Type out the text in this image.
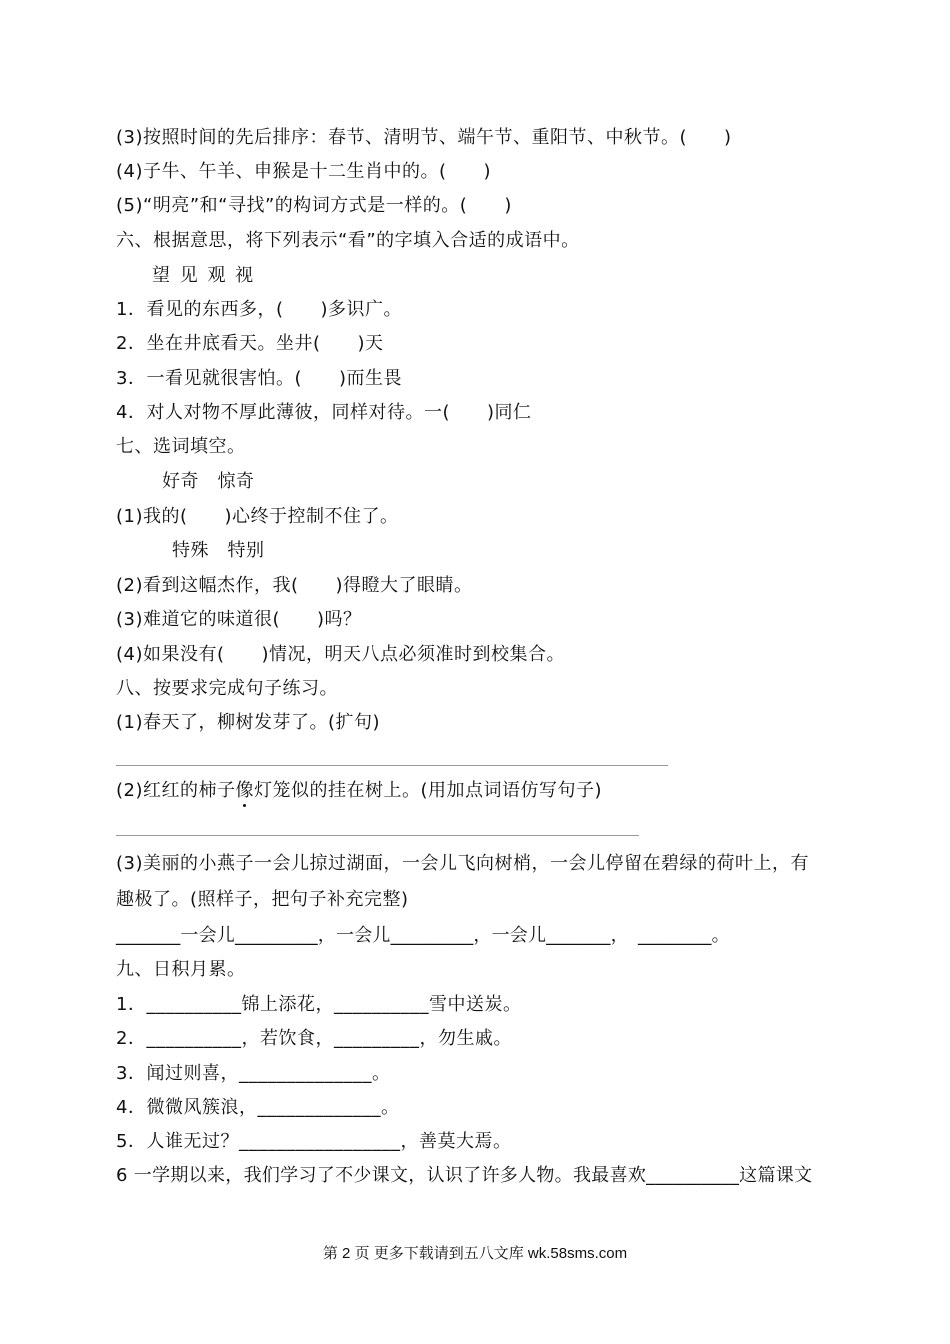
(3)按照时间的先后排序：春节、清明节、端午节、重阳节、中秋节。(　　)
(4)子牛、午羊、申猴是十二生肖中的。(　　)
(5)“明亮”和“寻找”的构词方式是一样的。(　　)
六、根据意思，将下列表示“看”的字填入合适的成语中。
望 见 观 视
1．看见的东西多，(　　)多识广。
2．坐在井底看天。坐井(　　)天
3．一看见就很害怕。(　　)而生畏
4．对人对物不厚此薄彼，同样对待。一(　　)同仁
七、选词填空。
好奇　惊奇
(1)我的(　　)心终于控制不住了。
特殊　特别
(2)看到这幅杰作，我(　　)得瞪大了眼睛。
(3)难道它的味道很(　　)吗？
(4)如果没有(　　)情况，明天八点必须准时到校集合。
八、按要求完成句子练习。
(1)春天了，柳树发芽了。(扩句)
(2)红红的柿子像灯笼似的挂在树上。(用加点词语仿写句子)
(3)美丽的小燕子一会儿掠过湖面，一会儿飞向树梢，一会儿停留在碧绿的荷叶上，有
趣极了。(照样子，把句子补充完整)
_______一会儿_________，一会儿_________，一会儿_______，　________。
九、日积月累。
1．__________锦上添花，__________雪中送炭。
2．__________，若饮食，_________，勿生戚。
3．闻过则喜，______________。
4．微微风簇浪，_____________。
5．人谁无过？_________________，善莫大焉。
6 一学期以来，我们学习了不少课文，认识了许多人物。我最喜欢__________这篇课文
第 2 页 更多下载请到五八文库 wk.58sms.com
